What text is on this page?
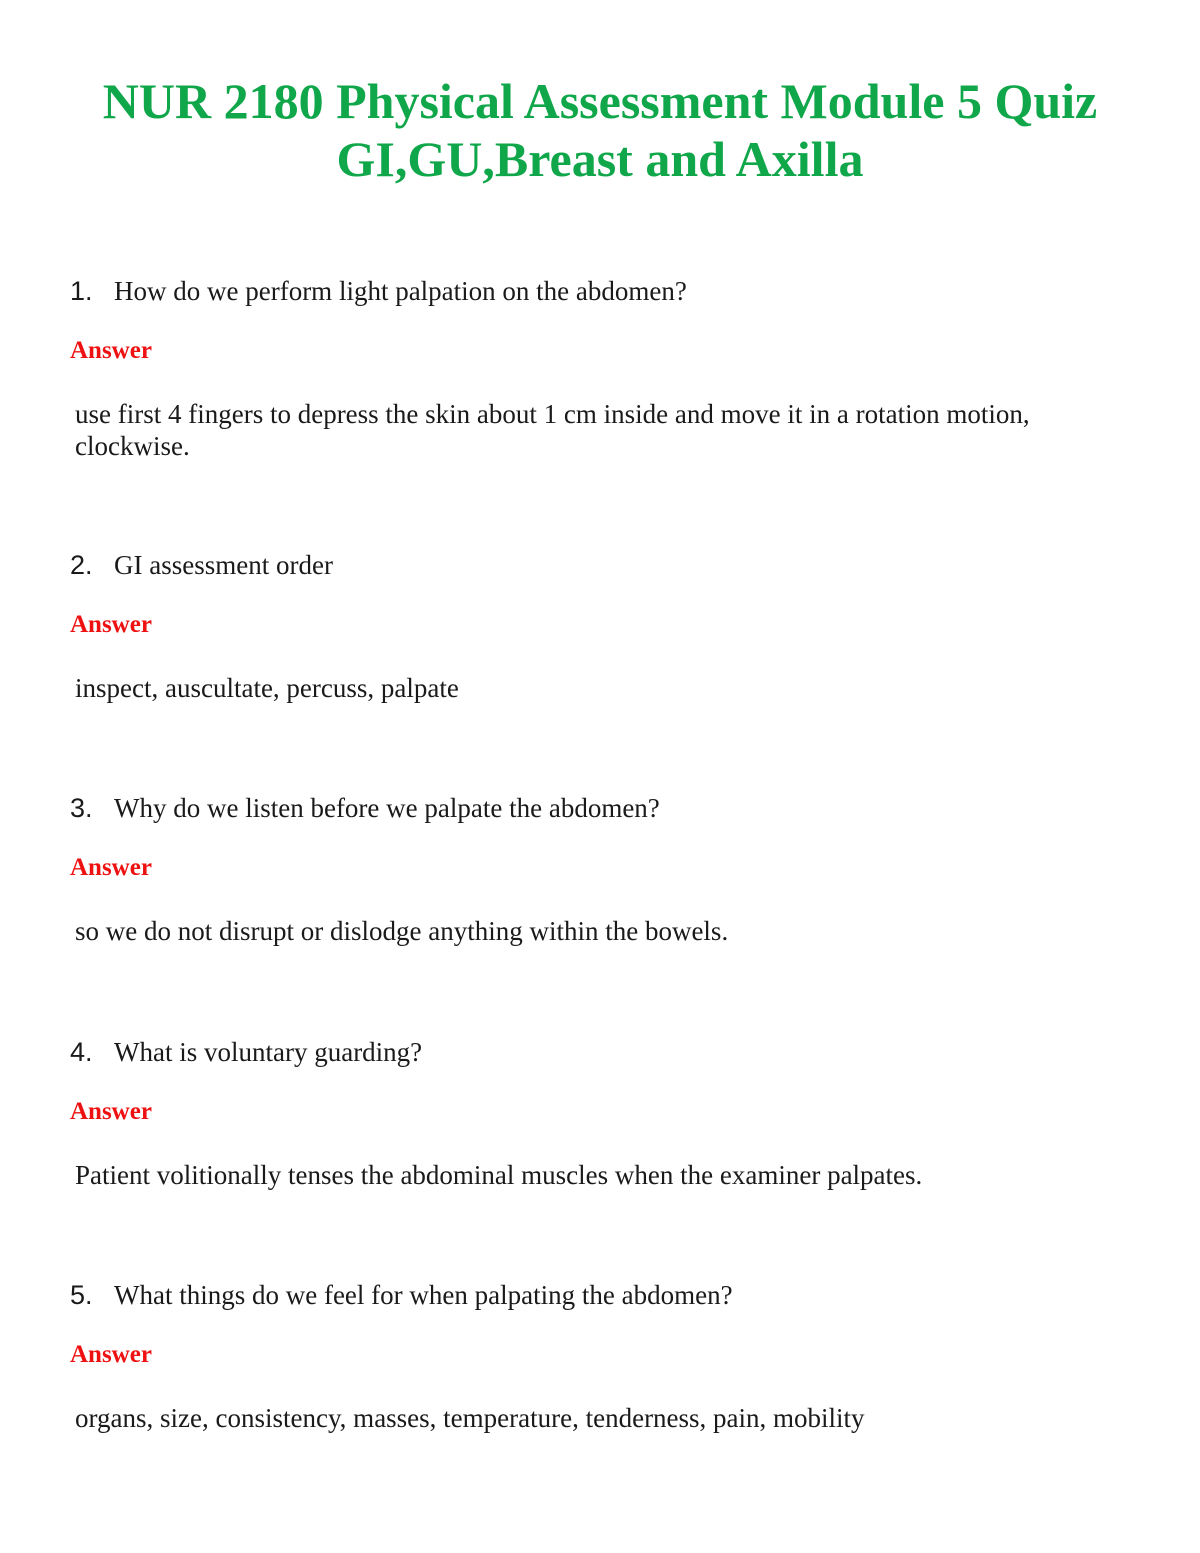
NUR 2180 Physical Assessment Module 5 Quiz
GI,GU,Breast and Axilla
1. How do we perform light palpation on the abdomen?
Answer
use first 4 fingers to depress the skin about 1 cm inside and move it in a rotation motion, clockwise.
2. GI assessment order
Answer
inspect, auscultate, percuss, palpate
3. Why do we listen before we palpate the abdomen?
Answer
so we do not disrupt or dislodge anything within the bowels.
4. What is voluntary guarding?
Answer
Patient volitionally tenses the abdominal muscles when the examiner palpates.
5. What things do we feel for when palpating the abdomen?
Answer
organs, size, consistency, masses, temperature, tenderness, pain, mobility
